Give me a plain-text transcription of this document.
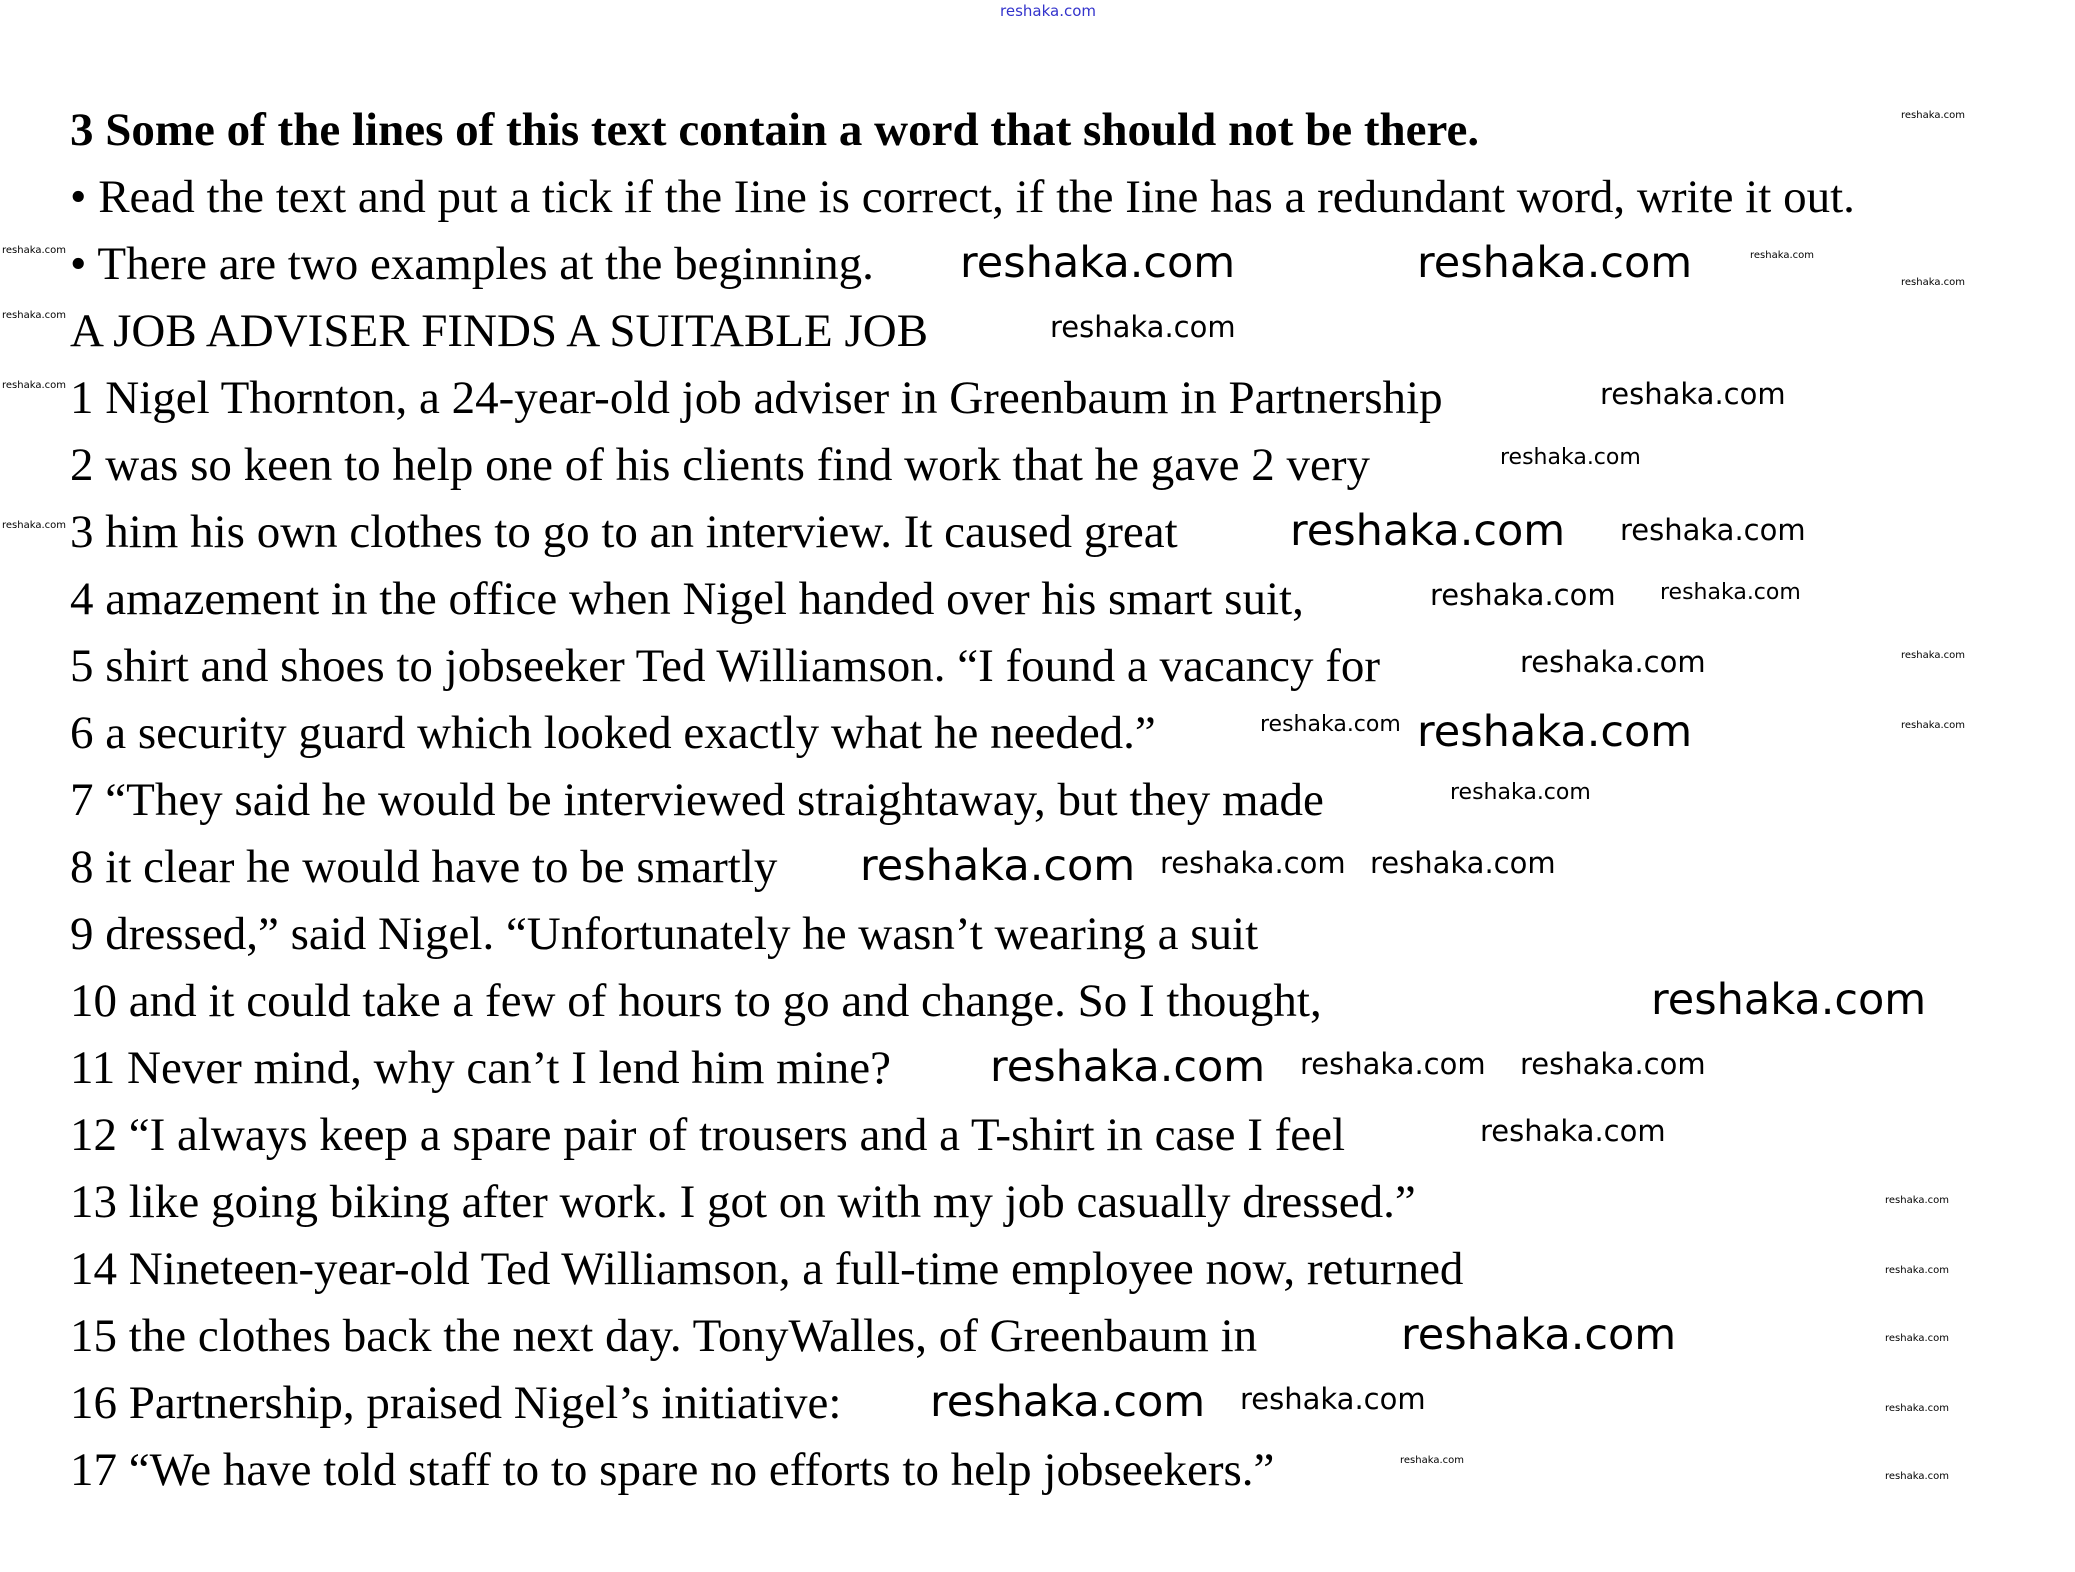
reshaka.com
3 Some of the lines of this text contain a word that should not be there.
• Read the text and put a tick if the Iine is correct, if the Iine has a redundant word, write it out.
• There are two examples at the beginning.
A JOB ADVISER FINDS A SUITABLE JOB
1 Nigel Thornton, a 24-year-old job adviser in Greenbaum in Partnership
2 was so keen to help one of his clients find work that he gave 2 very
3 him his own clothes to go to an interview. It caused great
4 amazement in the office when Nigel handed over his smart suit,
5 shirt and shoes to jobseeker Ted Williamson. “I found a vacancy for
6 a security guard which looked exactly what he needed.”
7 “They said he would be interviewed straightaway, but they made
8 it clear he would have to be smartly
9 dressed,” said Nigel. “Unfortunately he wasn’t wearing a suit
10 and it could take a few of hours to go and change. So I thought,
11 Never mind, why can’t I lend him mine?
12 “I always keep a spare pair of trousers and a T-shirt in case I feel
13 like going biking after work. I got on with my job casually dressed.”
14 Nineteen-year-old Ted Williamson, a full-time employee now, returned
15 the clothes back the next day. TonyWalles, of Greenbaum in
16 Partnership, praised Nigel’s initiative:
17 “We have told staff to to spare no efforts to help jobseekers.”
reshaka.com	reshaka.com
reshaka.com
reshaka.com
reshaka.com
reshaka.com
reshaka.com
reshaka.com
reshaka.com
reshaka.com
reshaka.com
reshaka.com
reshaka.com
reshaka.com
reshaka.com reshaka.com
reshaka.com reshaka.com
reshaka.com
reshaka.com
reshaka.com
reshaka.com
reshaka.com
reshaka.com
reshaka.com
reshaka.com
reshaka.com
reshaka.com
reshaka.com
reshaka.com
reshaka.com
reshaka.com
reshaka.com
reshaka.com
reshaka.com
reshaka.com
reshaka.com
reshaka.com
reshaka.com
